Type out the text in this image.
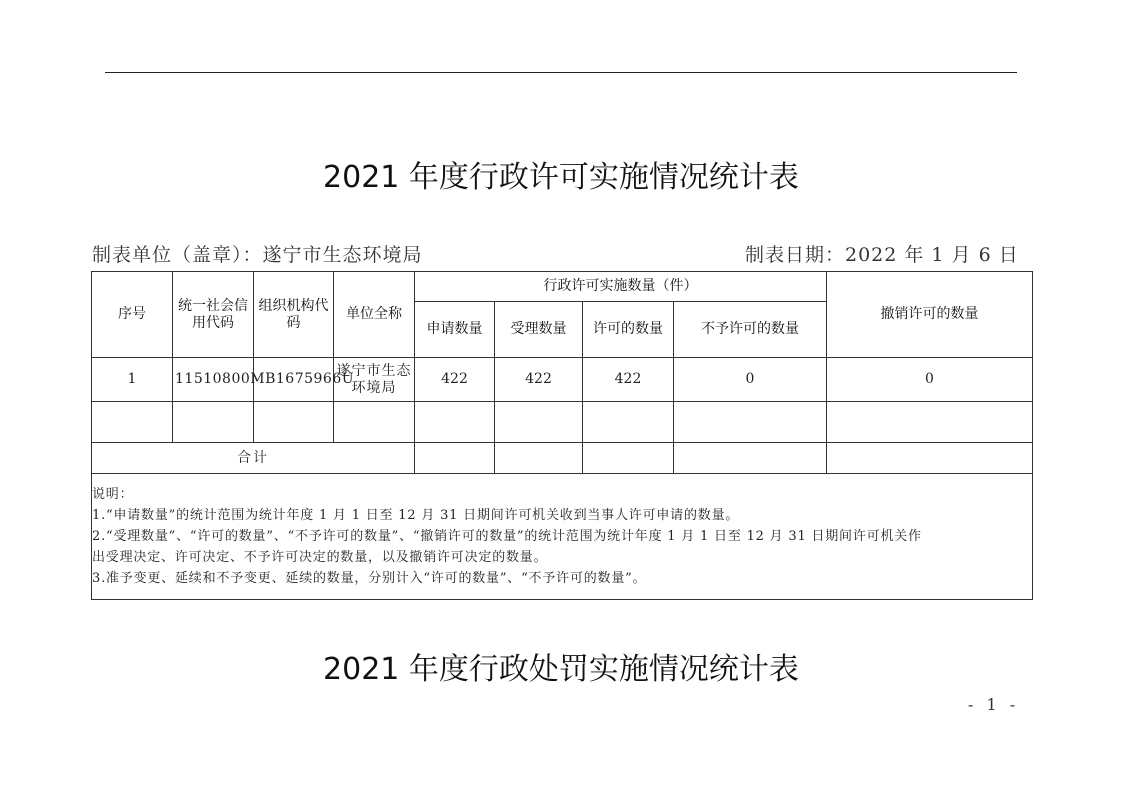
2021 年度行政许可实施情况统计表
制表单位（盖章）：遂宁市生态环境局	制表日期：2022 年 1 月 6 日
序号	统一社会信用代码	组织机构代码	单位全称	行政许可实施数量（件）				撤销许可的数量
				申请数量	受理数量	许可的数量	不予许可的数量	
1	11510800MB1675966U		遂宁市生态环境局	422	422	422	0	0

合计								

说明：
1.“申请数量”的统计范围为统计年度 1 月 1 日至 12 月 31 日期间许可机关收到当事人许可申请的数量。
2.“受理数量”、“许可的数量”、“不予许可的数量”、“撤销许可的数量”的统计范围为统计年度 1 月 1 日至 12 月 31 日期间许可机关作
出受理决定、许可决定、不予许可决定的数量，以及撤销许可决定的数量。
3.准予变更、延续和不予变更、延续的数量，分别计入“许可的数量”、“不予许可的数量”。								
2021 年度行政处罚实施情况统计表
- 1 -
